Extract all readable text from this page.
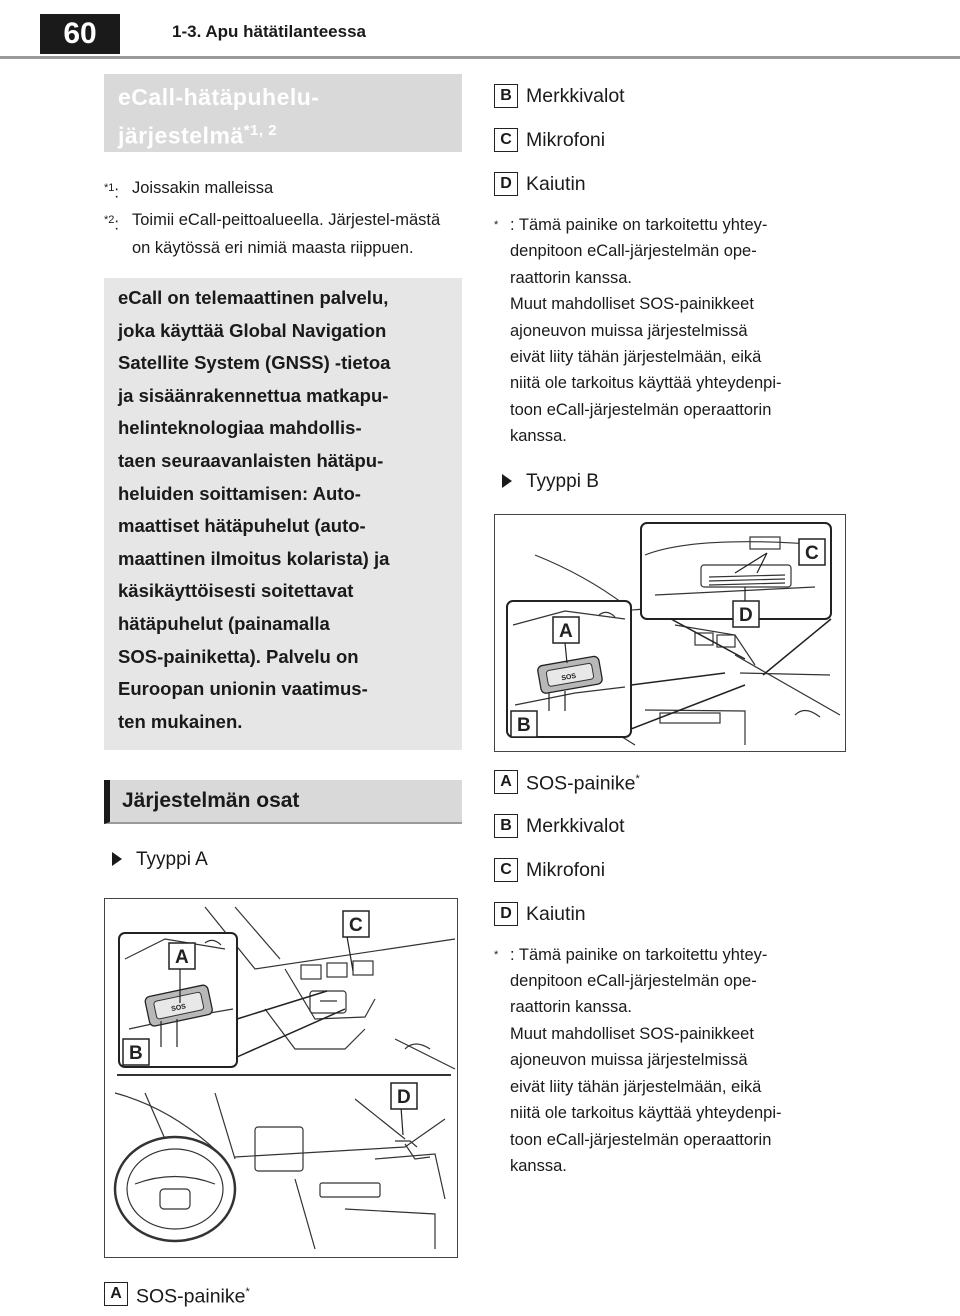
60	1-3. Apu hätätilanteessa
eCall-hätäpuhelu-
järjestelmä$^{*1, 2}$
$^{*1}$: Joissakin malleissa
$^{*2}$: Toimii eCall-peittoalueella. Järjestel-mästä on käytössä eri nimiä maasta riippuen.

eCall on telemaattinen palvelu,

joka käyttää Global Navigation

Satellite System (GNSS) -tietoa

ja sisäänrakennettua matkapu-

helinteknologiaa mahdollis-

taen seuraavanlaisten hätäpu-

heluiden soittamisen: Auto-

maattiset hätäpuhelut (auto-

maattinen ilmoitus kolarista) ja

käsikäyttöisesti soitettavat

hätäpuhelut (painamalla

SOS-painiketta). Palvelu on

Euroopan unionin vaatimus-

ten mukainen.

Järjestelmän osat
Tyyppi A
SOS
A
B
C
D
A SOS-painike*
B Merkkivalot
C Mikrofoni
D Kaiutin
* : Tämä painike on tarkoitettu yhtey-
denpitoon eCall-järjestelmän ope-
raattorin kanssa.
Muut mahdolliset SOS-painikkeet
ajoneuvon muissa järjestelmissä
eivät liity tähän järjestelmään, eikä
niitä ole tarkoitus käyttää yhteydenpi-
toon eCall-järjestelmän operaattorin
kanssa.
Tyyppi B
SOS
A
B
C
D
A SOS-painike*
B Merkkivalot
C Mikrofoni
D Kaiutin
* : Tämä painike on tarkoitettu yhtey-
denpitoon eCall-järjestelmän ope-
raattorin kanssa.
Muut mahdolliset SOS-painikkeet
ajoneuvon muissa järjestelmissä
eivät liity tähän järjestelmään, eikä
niitä ole tarkoitus käyttää yhteydenpi-
toon eCall-järjestelmän operaattorin
kanssa.
